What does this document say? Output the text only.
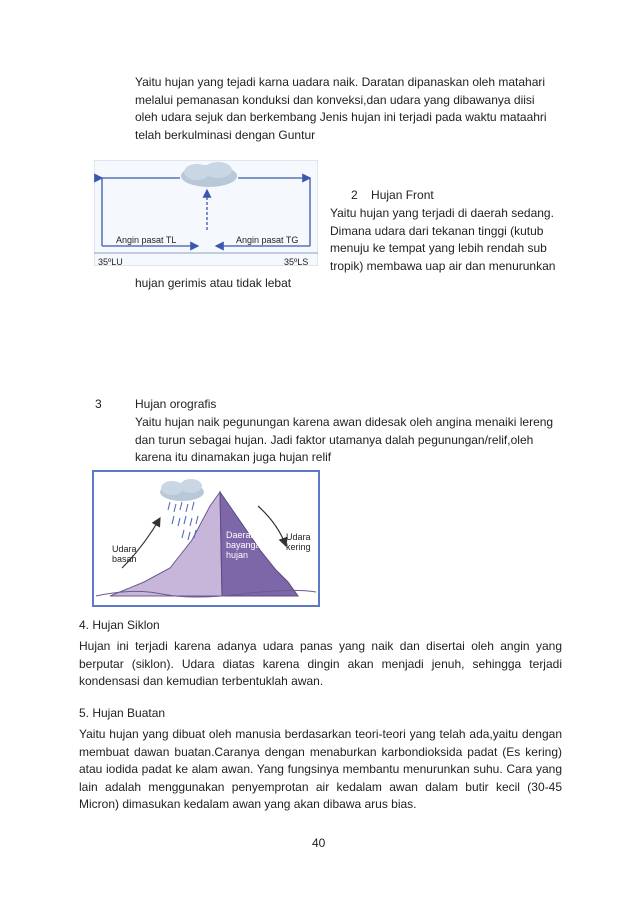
Yaitu hujan yang tejadi karna uadara naik. Daratan dipanaskan oleh matahari melalui pemanasan konduksi dan konveksi,dan udara yang dibawanya diisi oleh udara sejuk dan berkembang Jenis hujan ini terjadi pada waktu mataahri telah berkulminasi dengan Guntur

Angin pasat TL	Angin pasat TG
35ºLU	35ºLS
2 Hujan Front
Yaitu hujan yang terjadi di daerah sedang.
Dimana udara dari tekanan tinggi (kutub
menuju ke tempat yang lebih rendah sub
tropik) membawa uap air dan menurunkan
hujan gerimis atau tidak lebat
3	Hujan orografis

Yaitu hujan naik pegunungan karena awan didesak oleh angina menaiki lereng dan turun sebagai hujan. Jadi faktor utamanya dalah pegunungan/relif,oleh karena itu dinamakan juga hujan relif

Udara
basah
Daerah
bayangan
hujan
Udara
kering
4. Hujan Siklon

Hujan ini terjadi karena adanya udara panas yang naik dan disertai oleh angin yang berputar (siklon). Udara diatas karena dingin akan menjadi jenuh, sehingga terjadi kondensasi dan kemudian terbentuklah awan.

5. Hujan Buatan

Yaitu hujan yang dibuat oleh manusia berdasarkan teori-teori yang telah ada,yaitu dengan membuat dawan buatan.Caranya dengan menaburkan karbondioksida padat (Es kering) atau iodida padat ke alam awan. Yang fungsinya membantu menurunkan suhu. Cara yang lain adalah menggunakan penyemprotan air kedalam awan dalam butir kecil (30-45 Micron) dimasukan kedalam awan yang akan dibawa arus bias.

40
